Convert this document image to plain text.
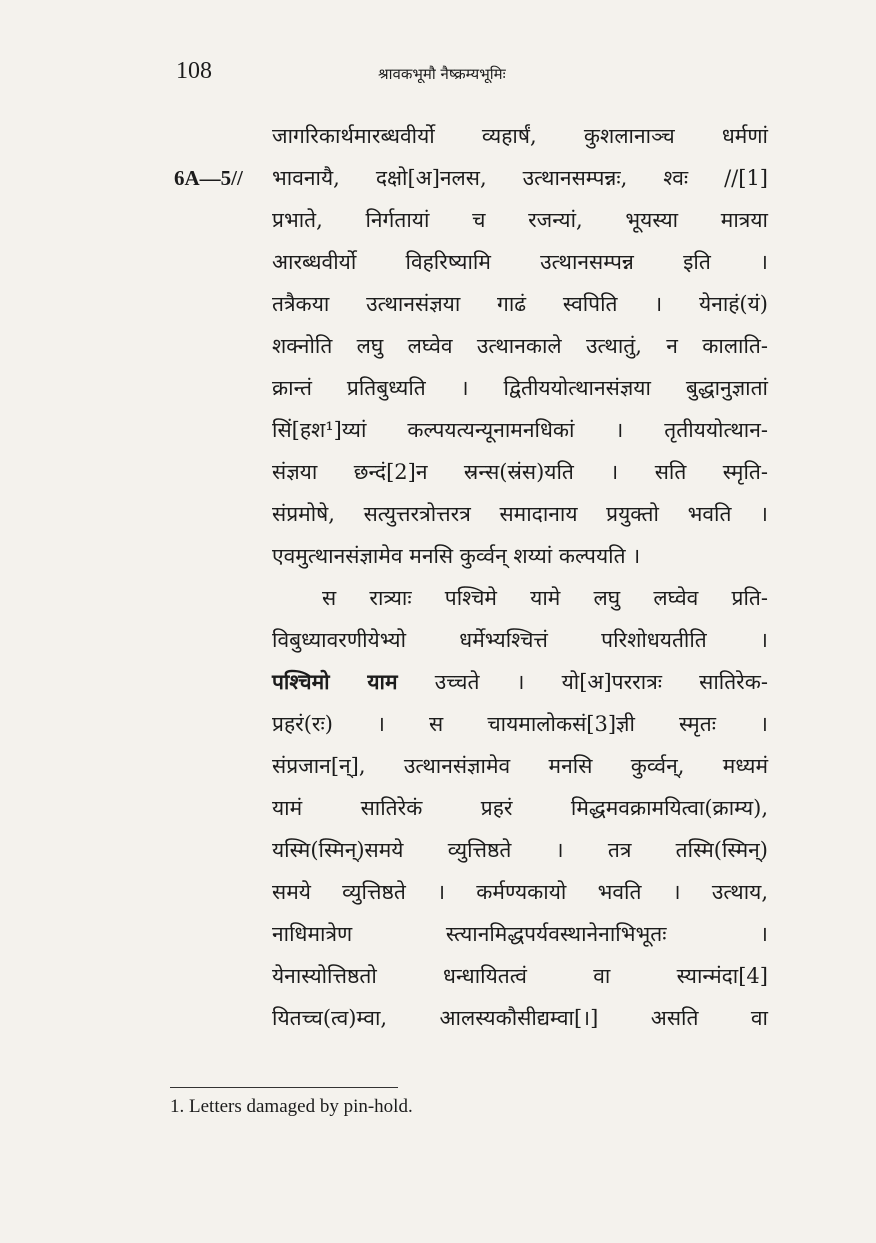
108	श्रावकभूमौ नैष्क्रम्यभूमिः
जागरिकार्थमारब्धवीर्यो व्यहार्षं, कुशलानाञ्च धर्मणां
6A—5//	भावनायै, दक्षो[अ]नलस, उत्थानसम्पन्नः, श्वः //[1]
प्रभाते, निर्गतायां च रजन्यां, भूयस्या मात्रया
आरब्धवीर्यो विहरिष्यामि उत्थानसम्पन्न इति ।
तत्रैकया उत्थानसंज्ञया गाढं स्वपिति । येनाहं(यं)
शक्नोति लघु लघ्वेव उत्थानकाले उत्थातुं, न कालाति-
क्रान्तं प्रतिबुध्यति । द्वितीययोत्थानसंज्ञया बुद्धानुज्ञातां
सिं[हश¹]य्यां कल्पयत्यन्यूनामनधिकां । तृतीययोत्थान-
संज्ञया छन्दं[2]न स्रन्स(स्रंस)यति । सति स्मृति-
संप्रमोषे, सत्युत्तरत्रोत्तरत्र समादानाय प्रयुक्तो भवति ।
एवमुत्थानसंज्ञामेव मनसि कुर्व्वन् शय्यां कल्पयति ।
स रात्र्याः पश्चिमे यामे लघु लघ्वेव प्रति-
विबुध्यावरणीयेभ्यो धर्मेभ्यश्चित्तं परिशोधयतीति ।
पश्चिमो याम उच्चते । यो[अ]पररात्रः सातिरेक-
प्रहरं(रः) । स चायमालोकसं[3]ज्ञी स्मृतः ।
संप्रजान[न्], उत्थानसंज्ञामेव मनसि कुर्व्वन्, मध्यमं
यामं सातिरेकं प्रहरं मिद्धमवक्रामयित्वा(क्राम्य),
यस्मि(स्मिन्)समये व्युत्तिष्ठते । तत्र तस्मि(स्मिन्)
समये व्युत्तिष्ठते । कर्मण्यकायो भवति । उत्थाय,
नाधिमात्रेण स्त्यानमिद्धपर्यवस्थानेनाभिभूतः ।
येनास्योत्तिष्ठतो धन्धायितत्वं वा स्यान्मंदा[4]
यितच्च(त्व)म्वा, आलस्यकौसीद्यम्वा[।] असति वा
1. Letters damaged by pin-hold.
